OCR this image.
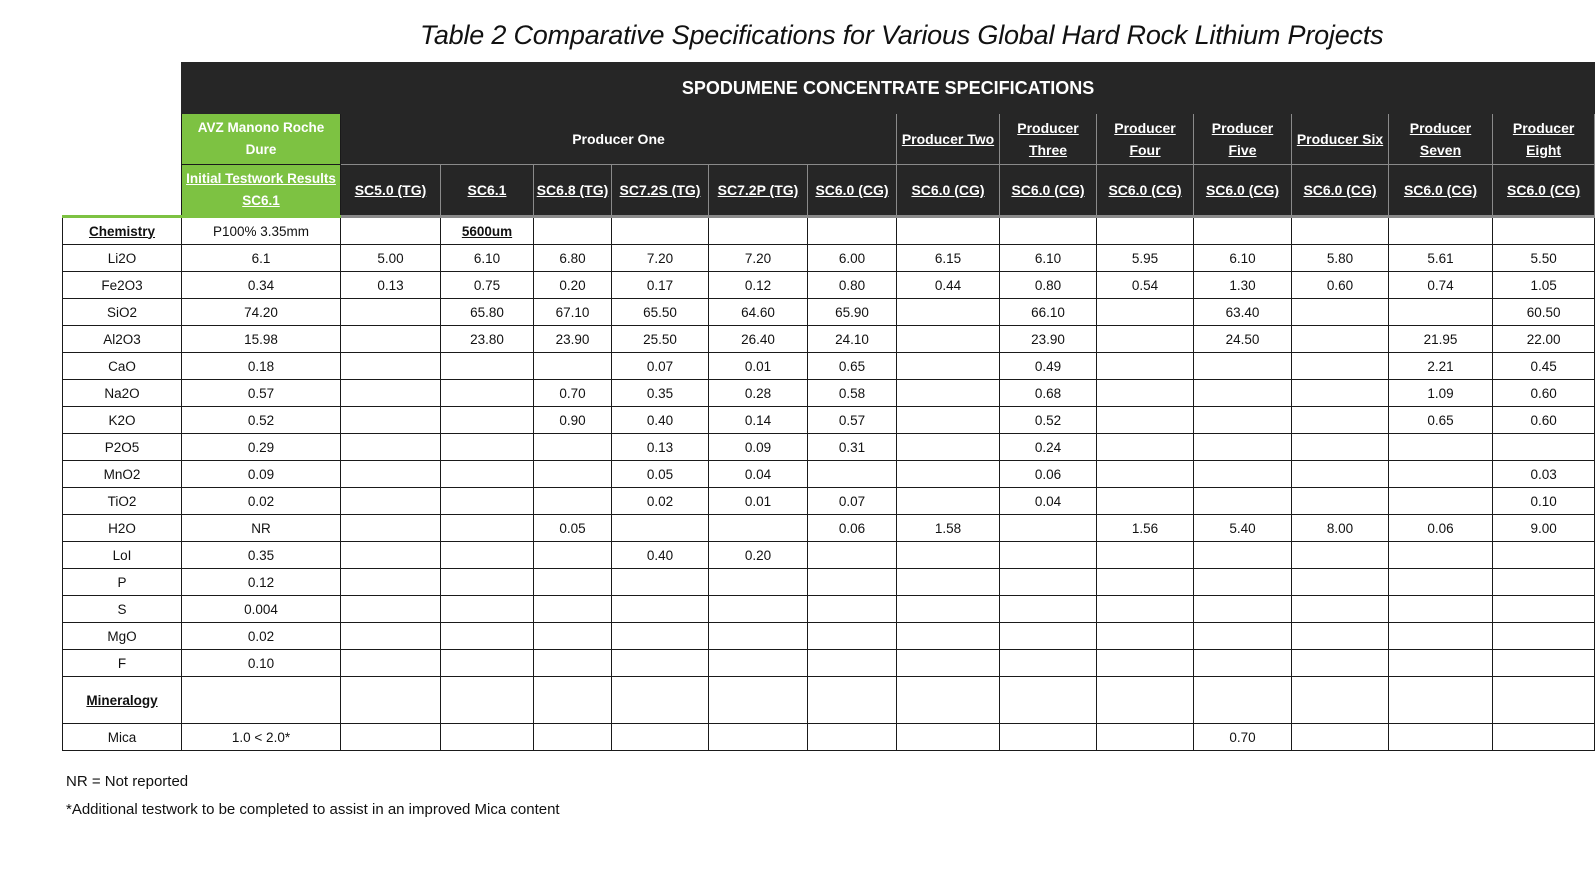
Table 2 Comparative Specifications for Various Global Hard Rock Lithium Projects
	SPODUMENE CONCENTRATE SPECIFICATIONS													
	AVZ Manono Roche Dure	Producer One						Producer Two	Producer Three	Producer Four	Producer Five	Producer Six	Producer Seven	Producer Eight
	Initial Testwork Results SC6.1	SC5.0 (TG)	SC6.1	SC6.8 (TG)	SC7.2S (TG)	SC7.2P (TG)	SC6.0 (CG)	SC6.0 (CG)	SC6.0 (CG)	SC6.0 (CG)	SC6.0 (CG)	SC6.0 (CG)	SC6.0 (CG)	SC6.0 (CG)
Chemistry	P100% 3.35mm		5600um											
Li2O	6.1	5.00	6.10	6.80	7.20	7.20	6.00	6.15	6.10	5.95	6.10	5.80	5.61	5.50
Fe2O3	0.34	0.13	0.75	0.20	0.17	0.12	0.80	0.44	0.80	0.54	1.30	0.60	0.74	1.05
SiO2	74.20		65.80	67.10	65.50	64.60	65.90		66.10		63.40			60.50
Al2O3	15.98		23.80	23.90	25.50	26.40	24.10		23.90		24.50		21.95	22.00
CaO	0.18				0.07	0.01	0.65		0.49				2.21	0.45
Na2O	0.57			0.70	0.35	0.28	0.58		0.68				1.09	0.60
K2O	0.52			0.90	0.40	0.14	0.57		0.52				0.65	0.60
P2O5	0.29				0.13	0.09	0.31		0.24					
MnO2	0.09				0.05	0.04			0.06					0.03
TiO2	0.02				0.02	0.01	0.07		0.04					0.10
H2O	NR			0.05			0.06	1.58		1.56	5.40	8.00	0.06	9.00
LoI	0.35				0.40	0.20								
P	0.12													
S	0.004													
MgO	0.02													
F	0.10													
Mineralogy														
Mica	1.0 < 2.0*										0.70			
NR = Not reported
*Additional testwork to be completed to assist in an improved Mica content
